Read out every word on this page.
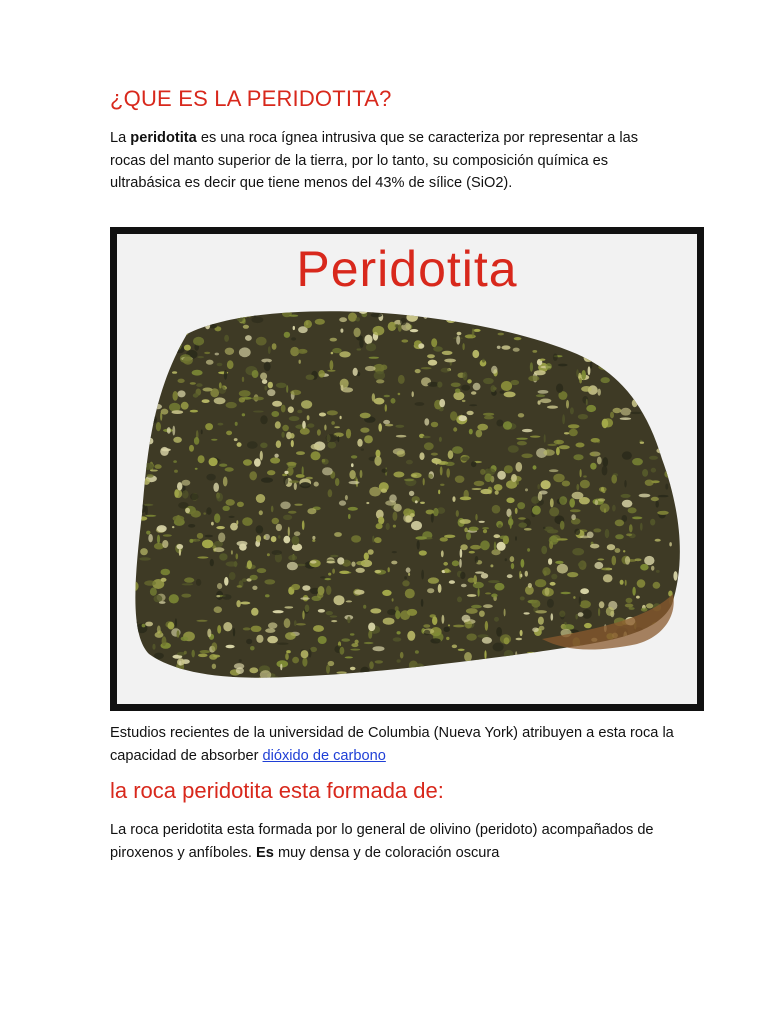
¿QUE ES LA PERIDOTITA?

La peridotita es una roca ígnea intrusiva que se caracteriza por representar a las rocas del manto superior de la tierra, por lo tanto, su composición química es ultrabásica es decir que tiene menos del 43% de sílice (SiO2).

Peridotita

Estudios recientes de la universidad de Columbia (Nueva York) atribuyen a esta roca la capacidad de absorber dióxido de carbono

la roca peridotita esta formada de:

La roca peridotita esta formada por lo general de olivino (peridoto) acompañados de piroxenos y anfíboles. Es muy densa y de coloración oscura
